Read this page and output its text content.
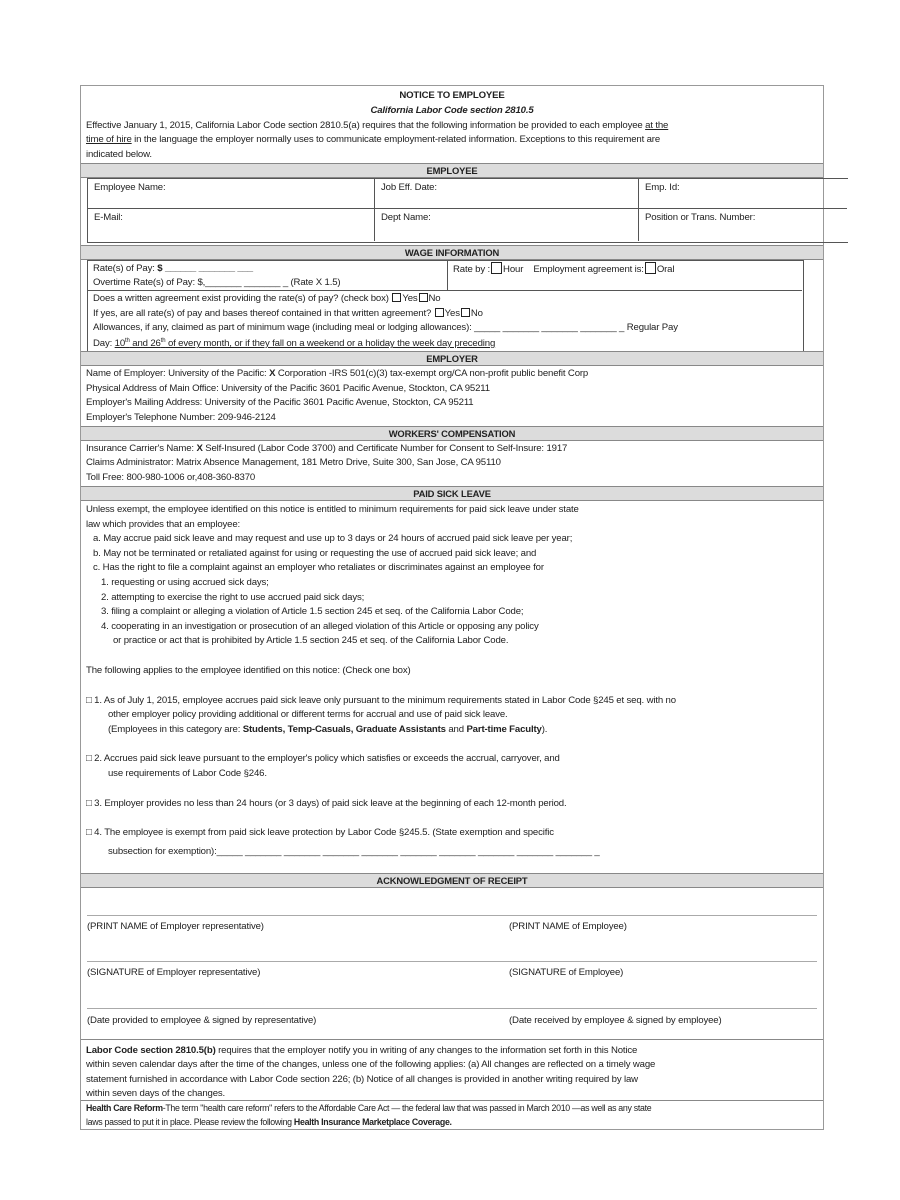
NOTICE TO EMPLOYEE
California Labor Code section 2810.5
Effective January 1, 2015, California Labor Code section 2810.5(a) requires that the following information be provided to each employee at the
time of hire in the language the employer normally uses to communicate employment-related information. Exceptions to this requirement are
indicated below.
EMPLOYEE
Employee Name:	Job Eff. Date:	Emp. Id:
E-Mail:	Dept Name:	Position or Trans. Number:
WAGE INFORMATION
Rate(s) of Pay: $ ______ _______ ___
Overtime Rate(s) of Pay: $,_______ _______ _ (Rate X 1.5)
Rate by : Hour Employment agreement is: Oral
Does a written agreement exist providing the rate(s) of pay? (check box) Yes No
If yes, are all rate(s) of pay and bases thereof contained in that written agreement? Yes No
Allowances, if any, claimed as part of minimum wage (including meal or lodging allowances): _____ _______ _______ _______ _ Regular Pay
Day: 10th and 26th of every month, or if they fall on a weekend or a holiday the week day preceding
EMPLOYER
Name of Employer: University of the Pacific: X Corporation -IRS 501(c)(3) tax-exempt org/CA non-profit public benefit Corp
Physical Address of Main Office: University of the Pacific 3601 Pacific Avenue, Stockton, CA 95211
Employer's Mailing Address: University of the Pacific 3601 Pacific Avenue, Stockton, CA 95211
Employer's Telephone Number: 209-946-2124
WORKERS' COMPENSATION
Insurance Carrier's Name: X Self-Insured (Labor Code 3700) and Certificate Number for Consent to Self-Insure: 1917
Claims Administrator: Matrix Absence Management, 181 Metro Drive, Suite 300, San Jose, CA 95110
Toll Free: 800-980-1006 or,408-360-8370
PAID SICK LEAVE
Unless exempt, the employee identified on this notice is entitled to minimum requirements for paid sick leave under state
law which provides that an employee:
a. May accrue paid sick leave and may request and use up to 3 days or 24 hours of accrued paid sick leave per year;
b. May not be terminated or retaliated against for using or requesting the use of accrued paid sick leave; and
c. Has the right to file a complaint against an employer who retaliates or discriminates against an employee for
1. requesting or using accrued sick days;
2. attempting to exercise the right to use accrued paid sick days;
3. filing a complaint or alleging a violation of Article 1.5 section 245 et seq. of the California Labor Code;
4. cooperating in an investigation or prosecution of an alleged violation of this Article or opposing any policy
or practice or act that is prohibited by Article 1.5 section 245 et seq. of the California Labor Code.
The following applies to the employee identified on this notice: (Check one box)
□ 1. As of July 1, 2015, employee accrues paid sick leave only pursuant to the minimum requirements stated in Labor Code §245 et seq. with no
other employer policy providing additional or different terms for accrual and use of paid sick leave.
(Employees in this category are: Students, Temp-Casuals, Graduate Assistants and Part-time Faculty).
□ 2. Accrues paid sick leave pursuant to the employer's policy which satisfies or exceeds the accrual, carryover, and
use requirements of Labor Code §246.
□ 3. Employer provides no less than 24 hours (or 3 days) of paid sick leave at the beginning of each 12-month period.
□ 4. The employee is exempt from paid sick leave protection by Labor Code §245.5. (State exemption and specific
subsection for exemption):_____ _______ _______ _______ _______ _______ _______ _______ _______ _______ _
ACKNOWLEDGMENT OF RECEIPT
(PRINT NAME of Employer representative)	(PRINT NAME of Employee)
(SIGNATURE of Employer representative)	(SIGNATURE of Employee)
(Date provided to employee & signed by representative)	(Date received by employee & signed by employee)
Labor Code section 2810.5(b) requires that the employer notify you in writing of any changes to the information set forth in this Notice
within seven calendar days after the time of the changes, unless one of the following applies: (a) All changes are reflected on a timely wage
statement furnished in accordance with Labor Code section 226; (b) Notice of all changes is provided in another writing required by law
within seven days of the changes.
Health Care Reform-The term "health care reform" refers to the Affordable Care Act — the federal law that was passed in March 2010 —as well as any state
laws passed to put it in place. Please review the following Health Insurance Marketplace Coverage.
